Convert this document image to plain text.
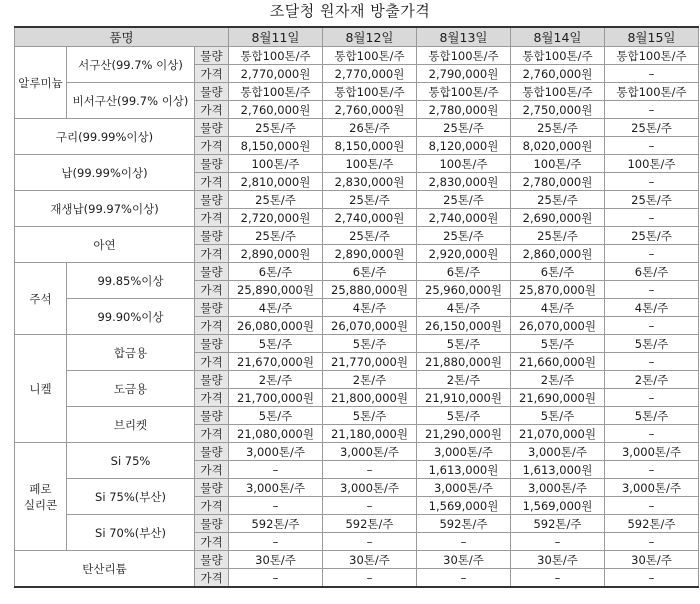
조달청 원자재 방출가격
품명			8월11일	8월12일	8월13일	8월14일	8월15일
알루미늄	서구산(99.7% 이상)	물량	통합100톤/주	통합100톤/주	통합100톤/주	통합100톤/주	통합100톤/주
		가격	2,770,000원	2,770,000원	2,790,000원	2,760,000원	–
	비서구산(99.7% 이상)	물량	통합100톤/주	통합100톤/주	통합100톤/주	통합100톤/주	통합100톤/주
		가격	2,760,000원	2,760,000원	2,780,000원	2,750,000원	–
구리(99.99%이상)		물량	25톤/주	26톤/주	25톤/주	25톤/주	25톤/주
		가격	8,150,000원	8,150,000원	8,120,000원	8,020,000원	–
납(99.99%이상)		물량	100톤/주	100톤/주	100톤/주	100톤/주	100톤/주
		가격	2,810,000원	2,830,000원	2,830,000원	2,780,000원	–
재생납(99.97%이상)		물량	25톤/주	25톤/주	25톤/주	25톤/주	25톤/주
		가격	2,720,000원	2,740,000원	2,740,000원	2,690,000원	–
아연		물량	25톤/주	25톤/주	25톤/주	25톤/주	25톤/주
		가격	2,890,000원	2,890,000원	2,920,000원	2,860,000원	–
주석	99.85%이상	물량	6톤/주	6톤/주	6톤/주	6톤/주	6톤/주
		가격	25,890,000원	25,880,000원	25,960,000원	25,870,000원	–
	99.90%이상	물량	4톤/주	4톤/주	4톤/주	4톤/주	4톤/주
		가격	26,080,000원	26,070,000원	26,150,000원	26,070,000원	–
니켈	합금용	물량	5톤/주	5톤/주	5톤/주	5톤/주	5톤/주
		가격	21,670,000원	21,770,000원	21,880,000원	21,660,000원	–
	도금용	물량	2톤/주	2톤/주	2톤/주	2톤/주	2톤/주
		가격	21,700,000원	21,800,000원	21,910,000원	21,690,000원	–
	브리켓	물량	5톤/주	5톤/주	5톤/주	5톤/주	5톤/주
		가격	21,080,000원	21,180,000원	21,290,000원	21,070,000원	–
페로
실리콘	Si 75%	물량	3,000톤/주	3,000톤/주	3,000톤/주	3,000톤/주	3,000톤/주
		가격	–	–	1,613,000원	1,613,000원	–
	Si 75%(부산)	물량	3,000톤/주	3,000톤/주	3,000톤/주	3,000톤/주	3,000톤/주
		가격	–	–	1,569,000원	1,569,000원	–
	Si 70%(부산)	물량	592톤/주	592톤/주	592톤/주	592톤/주	592톤/주
		가격	–	–	–	–	–
탄산리튬		물량	30톤/주	30톤/주	30톤/주	30톤/주	30톤/주
		가격	–	–	–	–	–
